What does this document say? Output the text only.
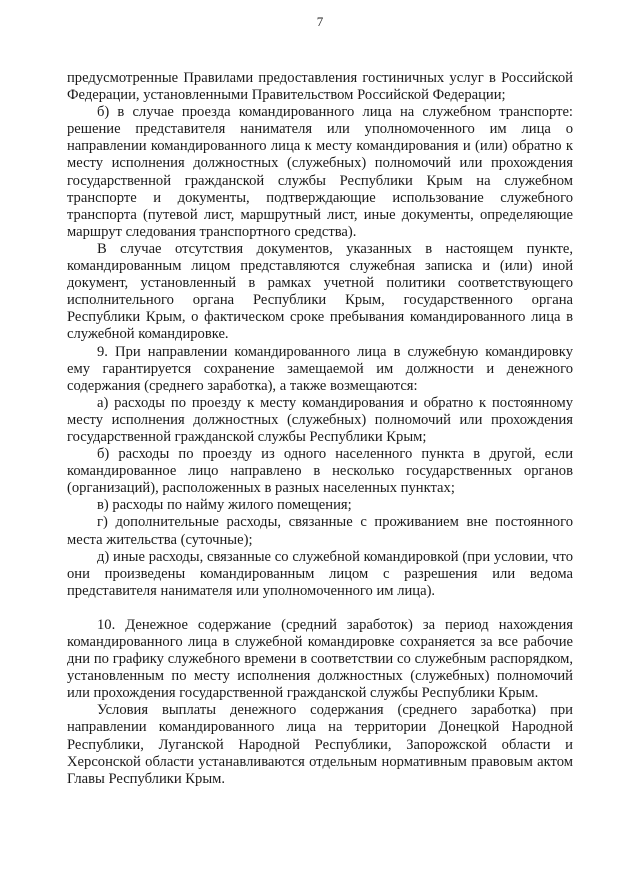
7

предусмотренные Правилами предоставления гостиничных услуг в Российской Федерации, установленными Правительством Российской Федерации;

б) в случае проезда командированного лица на служебном транспорте: решение представителя нанимателя или уполномоченного им лица о направлении командированного лица к месту командирования и (или) обратно к месту исполнения должностных (служебных) полномочий или прохождения государственной гражданской службы Республики Крым на служебном транспорте и документы, подтверждающие использование служебного транспорта (путевой лист, маршрутный лист, иные документы, определяющие маршрут следования транспортного средства).

В случае отсутствия документов, указанных в настоящем пункте, командированным лицом представляются служебная записка и (или) иной документ, установленный в рамках учетной политики соответствующего исполнительного органа Республики Крым, государственного органа Республики Крым, о фактическом сроке пребывания командированного лица в служебной командировке.

9. При направлении командированного лица в служебную командировку ему гарантируется сохранение замещаемой им должности и денежного содержания (среднего заработка), а также возмещаются:

а) расходы по проезду к месту командирования и обратно к постоянному месту исполнения должностных (служебных) полномочий или прохождения государственной гражданской службы Республики Крым;

б) расходы по проезду из одного населенного пункта в другой, если командированное лицо направлено в несколько государственных органов (организаций), расположенных в разных населенных пунктах;

в) расходы по найму жилого помещения;

г) дополнительные расходы, связанные с проживанием вне постоянного места жительства (суточные);

д) иные расходы, связанные со служебной командировкой (при условии, что они произведены командированным лицом с разрешения или ведома представителя нанимателя или уполномоченного им лица).

10. Денежное содержание (средний заработок) за период нахождения командированного лица в служебной командировке сохраняется за все рабочие дни по графику служебного времени в соответствии со служебным распорядком, установленным по месту исполнения должностных (служебных) полномочий или прохождения государственной гражданской службы Республики Крым.

Условия выплаты денежного содержания (среднего заработка) при направлении командированного лица на территории Донецкой Народной Республики, Луганской Народной Республики, Запорожской области и Херсонской области устанавливаются отдельным нормативным правовым актом Главы Республики Крым.
